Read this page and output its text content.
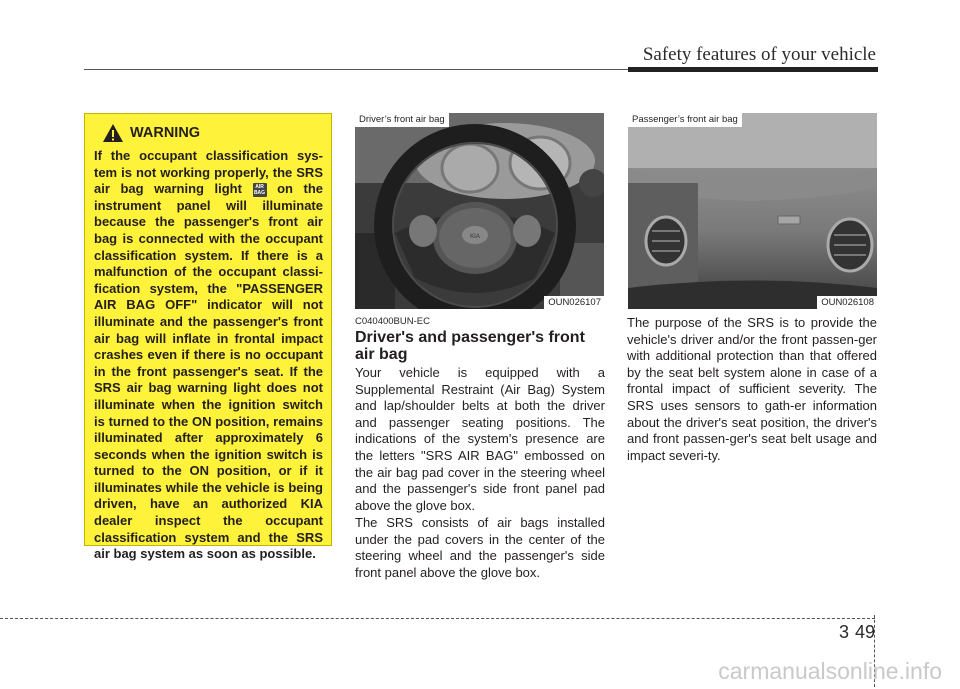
Safety features of your vehicle
WARNING
If the occupant classification sys-tem is not working properly, the SRS air bag warning light	AIR
BAG on the instrument panel will illuminate because the passenger's front air bag is connected with the occupant classification system. If there is a malfunction of the occupant classi-fication system, the "PASSENGER AIR BAG OFF" indicator will not illuminate and the passenger's front air bag will inflate in frontal impact crashes even if there is no occupant in the front passenger's seat. If the SRS air bag warning light does not illuminate when the ignition switch is turned to the ON position, remains illuminated after approximately 6 seconds when the ignition switch is turned to the ON position, or if it illuminates while the vehicle is being driven, have an authorized KIA dealer inspect the occupant classification system and the SRS air bag system as soon as possible.
KIA
Driver’s front air bag
OUN026107
Passenger’s front air bag
OUN026108
C040400BUN-EC
Driver's and passenger's front air bag
Your vehicle is equipped with a Supplemental Restraint (Air Bag) System and lap/shoulder belts at both the driver and passenger seating positions. The indications of the system's presence are the letters "SRS AIR BAG" embossed on the air bag pad cover in the steering wheel and the passenger's side front panel pad above the glove box.
The SRS consists of air bags installed under the pad covers in the center of the steering wheel and the passenger's side front panel above the glove box.
The purpose of the SRS is to provide the vehicle's driver and/or the front passen-ger with additional protection than that offered by the seat belt system alone in case of a frontal impact of sufficient severity. The SRS uses sensors to gath-er information about the driver's seat position, the driver's and front passen-ger's seat belt usage and impact severi-ty.
3 49
carmanualsonline.info
